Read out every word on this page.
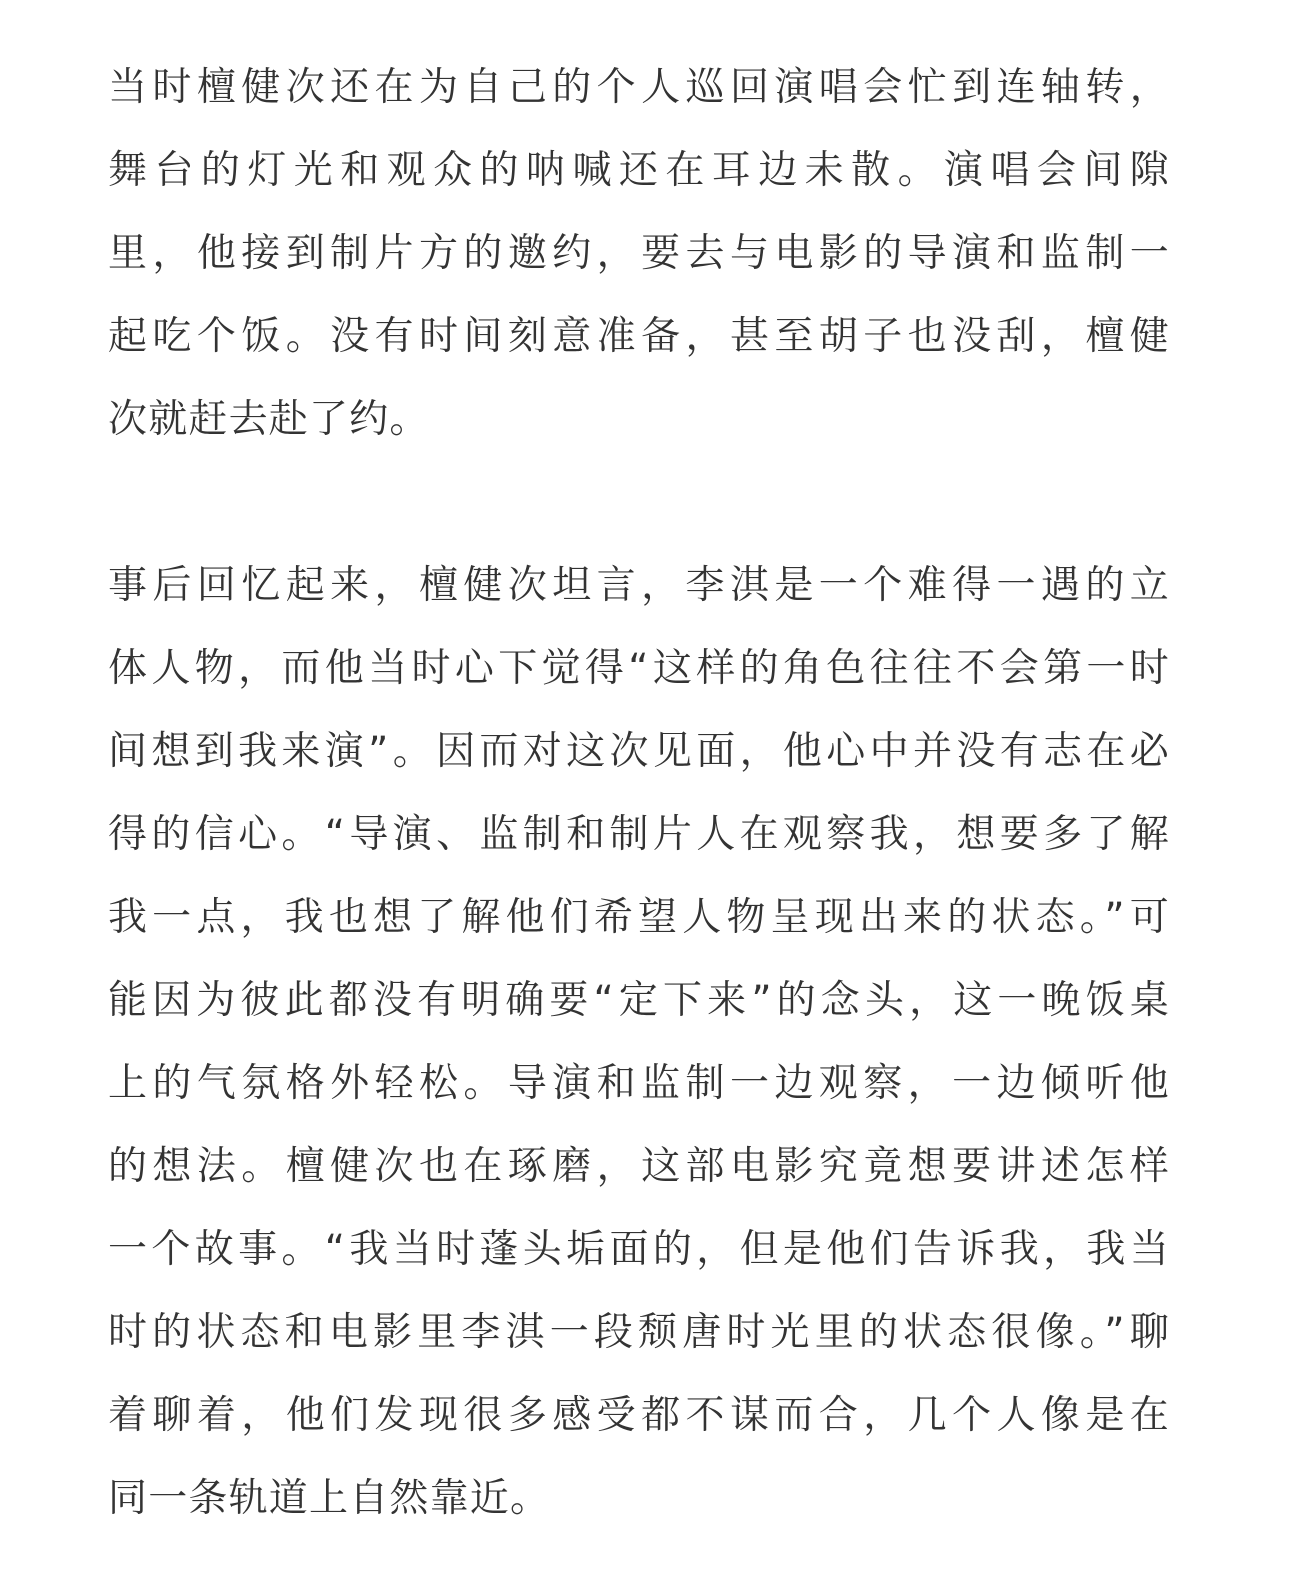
当时檀健次还在为自己的个人巡回演唱会忙到连轴转，
舞台的灯光和观众的呐喊还在耳边未散。演唱会间隙
里，他接到制片方的邀约，要去与电影的导演和监制一
起吃个饭。没有时间刻意准备，甚至胡子也没刮，檀健
次就赶去赴了约。

事后回忆起来，檀健次坦言，李淇是一个难得一遇的立
体人物，而他当时心下觉得“这样的角色往往不会第一时
间想到我来演”。因而对这次见面，他心中并没有志在必
得的信心。“导演、监制和制片人在观察我，想要多了解
我一点，我也想了解他们希望人物呈现出来的状态。”可
能因为彼此都没有明确要“定下来”的念头，这一晚饭桌
上的气氛格外轻松。导演和监制一边观察，一边倾听他
的想法。檀健次也在琢磨，这部电影究竟想要讲述怎样
一个故事。“我当时蓬头垢面的，但是他们告诉我，我当
时的状态和电影里李淇一段颓唐时光里的状态很像。”聊
着聊着，他们发现很多感受都不谋而合，几个人像是在
同一条轨道上自然靠近。
